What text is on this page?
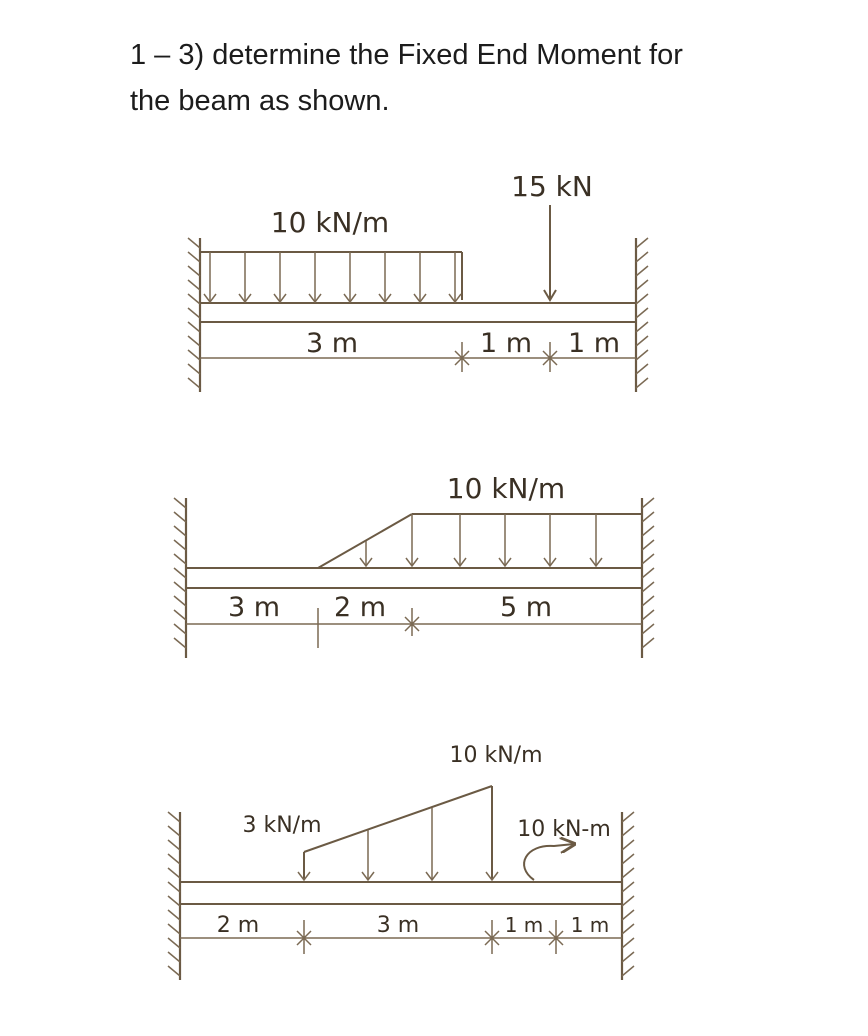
1 – 3) determine the Fixed End Moment for
the beam as shown.
10 kN/m
15 kN
3 m	1 m 1 m
10 kN/m
3 m 2 m	5 m
3 kN/m
10 kN/m
10 kN-m
2 m	3 m	1 m 1 m
